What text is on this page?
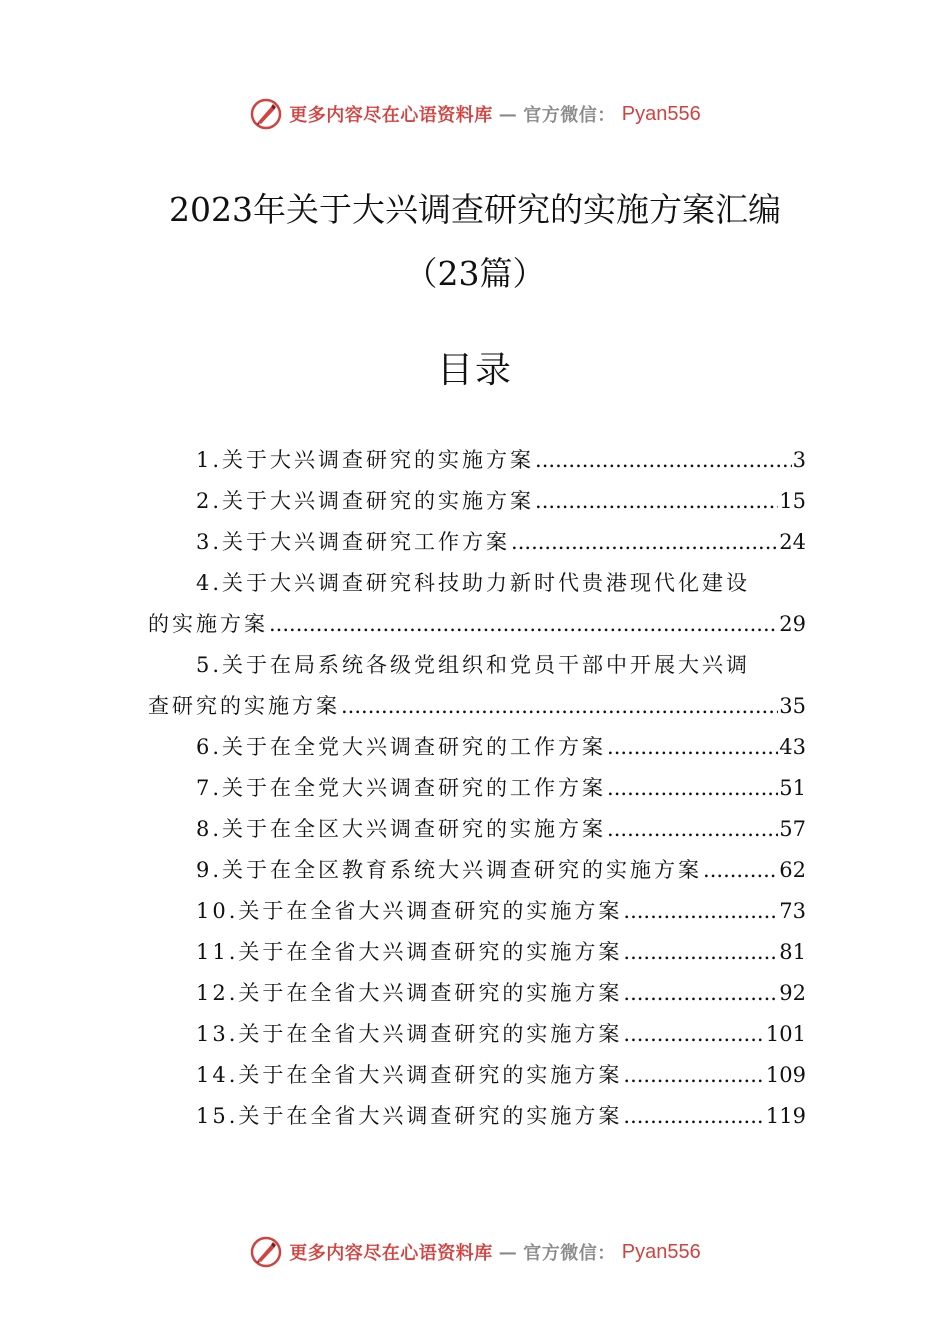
更多内容尽在心语资料库 — 官方微信： Pyan556
2023年关于大兴调查研究的实施方案汇编
（23篇）
目录
1.关于大兴调查研究的实施方案 .....	3
2.关于大兴调查研究的实施方案 .....	15
3.关于大兴调查研究工作方案 .....	24
4.关于大兴调查研究科技助力新时代贵港现代化建设
的实施方案 .....	29
5.关于在局系统各级党组织和党员干部中开展大兴调
查研究的实施方案 .....	35
6.关于在全党大兴调查研究的工作方案 .....	43
7.关于在全党大兴调查研究的工作方案 .....	51
8.关于在全区大兴调查研究的实施方案 .....	57
9.关于在全区教育系统大兴调查研究的实施方案 .....	62
10.关于在全省大兴调查研究的实施方案 .....	73
11.关于在全省大兴调查研究的实施方案 .....	81
12.关于在全省大兴调查研究的实施方案 .....	92
13.关于在全省大兴调查研究的实施方案 .....	101
14.关于在全省大兴调查研究的实施方案 .....	109
15.关于在全省大兴调查研究的实施方案 .....	119
更多内容尽在心语资料库 — 官方微信： Pyan556
